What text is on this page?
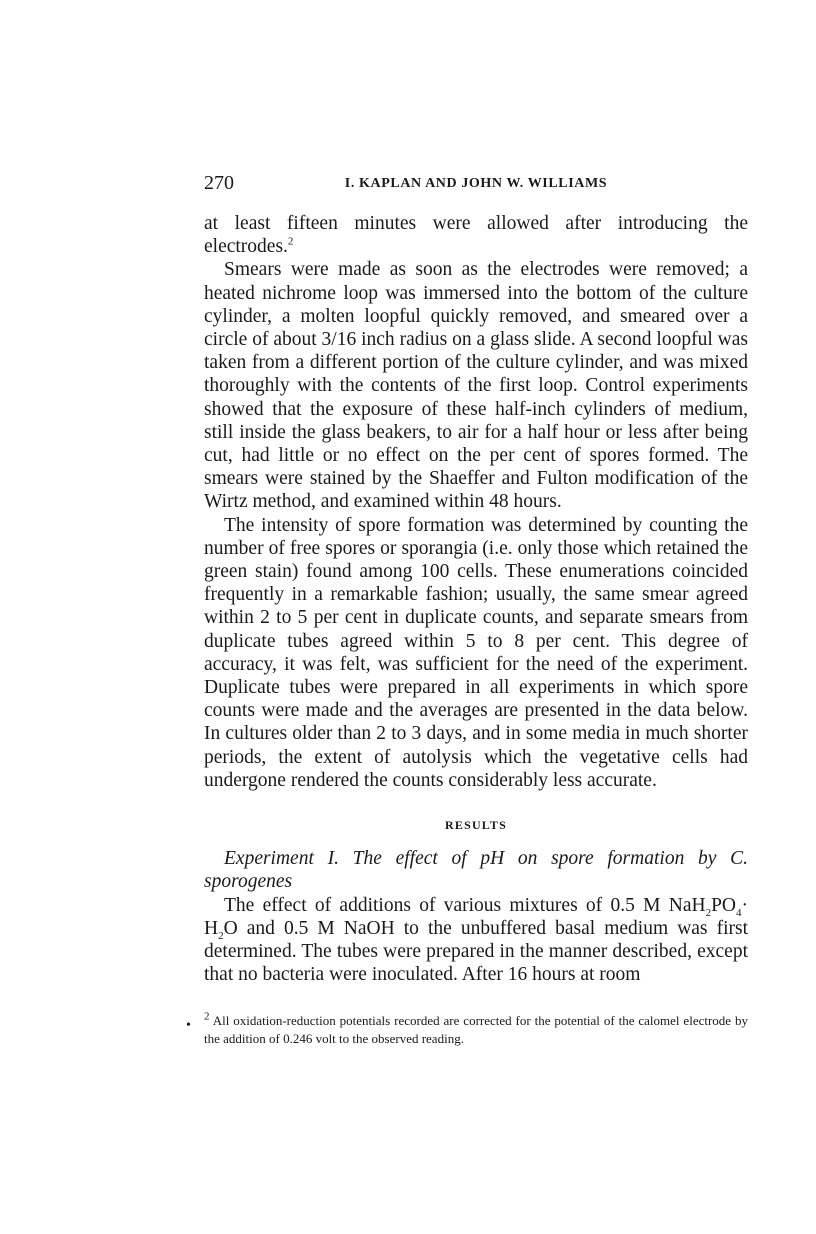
270	I. KAPLAN AND JOHN W. WILLIAMS

at least fifteen minutes were allowed after introducing the electrodes.$^2$

Smears were made as soon as the electrodes were removed; a heated nichrome loop was immersed into the bottom of the culture cylinder, a molten loopful quickly removed, and smeared over a circle of about 3/16 inch radius on a glass slide. A second loopful was taken from a different portion of the culture cylinder, and was mixed thoroughly with the contents of the first loop. Control experiments showed that the exposure of these half-inch cylinders of medium, still inside the glass beakers, to air for a half hour or less after being cut, had little or no effect on the per cent of spores formed. The smears were stained by the Shaeffer and Fulton modification of the Wirtz method, and examined within 48 hours.

The intensity of spore formation was determined by counting the number of free spores or sporangia (i.e. only those which retained the green stain) found among 100 cells. These enumerations coincided frequently in a remarkable fashion; usually, the same smear agreed within 2 to 5 per cent in duplicate counts, and separate smears from duplicate tubes agreed within 5 to 8 per cent. This degree of accuracy, it was felt, was sufficient for the need of the experiment. Duplicate tubes were prepared in all experiments in which spore counts were made and the averages are presented in the data below. In cultures older than 2 to 3 days, and in some media in much shorter periods, the extent of autolysis which the vegetative cells had undergone rendered the counts considerably less accurate.

RESULTS

Experiment I. The effect of pH on spore formation by C. sporogenes

The effect of additions of various mixtures of 0.5 M $NaH_2PO_4\cdot H_2O$ and 0.5 M NaOH to the unbuffered basal medium was first determined. The tubes were prepared in the manner described, except that no bacteria were inoculated. After 16 hours at room

•
$^2$ All oxidation-reduction potentials recorded are corrected for the potential of the calomel electrode by the addition of 0.246 volt to the observed reading.
